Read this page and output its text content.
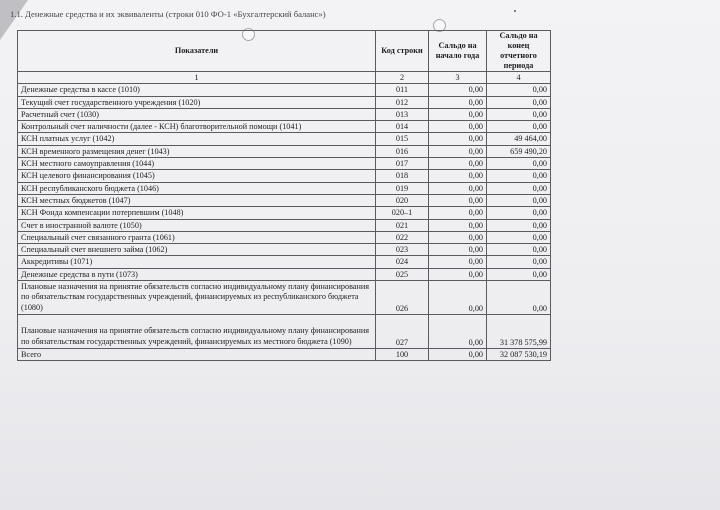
1.1. Денежные средства и их эквиваленты (строки 010 ФО-1 «Бухгалтерский баланс»)
Показатели	Код строки	Сальдо на начало года	Сальдо на конец отчетного периода
1	2	3	4
Денежные средства в кассе (1010)	011	0,00	0,00
Текущий счет государственного учреждения (1020)	012	0,00	0,00
Расчетный счет (1030)	013	0,00	0,00
Контрольный счет наличности (далее - КСН) благотворительной помощи (1041)	014	0,00	0,00
КСН платных услуг (1042)	015	0,00	49 464,00
КСН временного размещения денег (1043)	016	0,00	659 490,20
КСН местного самоуправления (1044)	017	0,00	0,00
КСН целевого финансирования (1045)	018	0,00	0,00
КСН республиканского бюджета (1046)	019	0,00	0,00
КСН местных бюджетов (1047)	020	0,00	0,00
КСН Фонда компенсации потерпевшим (1048)	020–1	0,00	0,00
Счет в иностранной валюте (1050)	021	0,00	0,00
Специальный счет связанного гранта (1061)	022	0,00	0,00
Специальный счет внешнего займа (1062)	023	0,00	0,00
Аккредитивы (1071)	024	0,00	0,00
Денежные средства в пути (1073)	025	0,00	0,00
Плановые назначения на принятие обязательств согласно индивидуальному плану финансирования по обязательствам государственных учреждений, финансируемых из республиканского бюджета (1080)	026	0,00	0,00
Плановые назначения на принятие обязательств согласно индивидуальному плану финансирования по обязательствам государственных учреждений, финансируемых из местного бюджета (1090)	027	0,00	31 378 575,99
Всего	100	0,00	32 087 530,19
